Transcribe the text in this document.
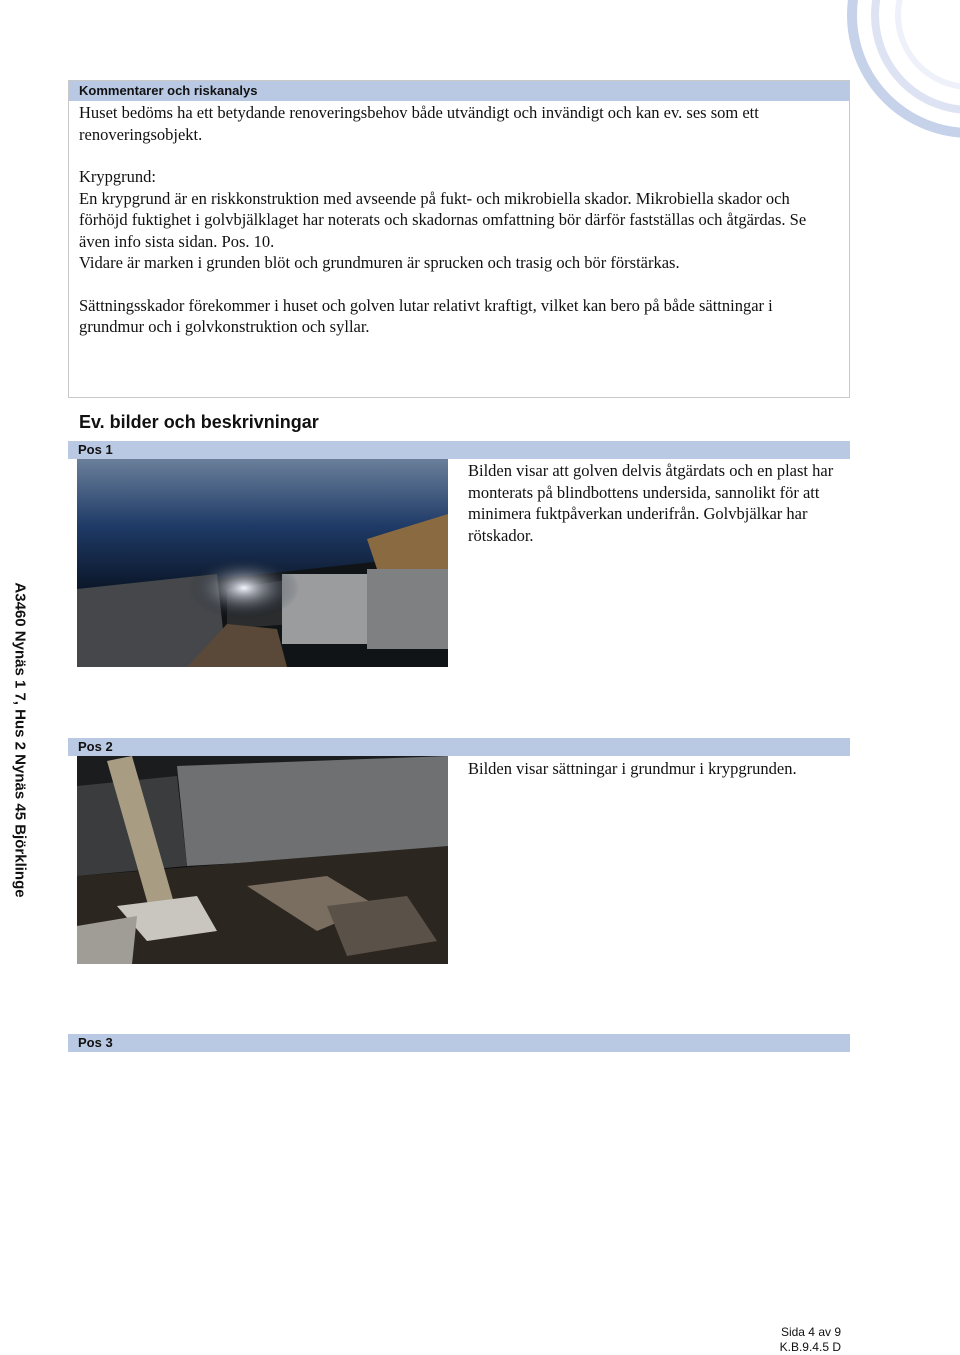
A3460 Nynäs 1 7, Hus 2 Nynäs 45 Björklinge
Kommentarer och riskanalys

Huset bedöms ha ett betydande renoveringsbehov både utvändigt och invändigt och kan ev. ses som ett renoveringsobjekt.

Krypgrund:

En krypgrund är en riskkonstruktion med avseende på fukt- och mikrobiella skador. Mikrobiella skador och förhöjd fuktighet i golvbjälklaget har noterats och skadornas omfattning bör därför fastställas och åtgärdas. Se även info sista sidan. Pos. 10.

Vidare är marken i grunden blöt och grundmuren är sprucken och trasig och bör förstärkas.

Sättningsskador förekommer i huset och golven lutar relativt kraftigt, vilket kan bero på både sättningar i grundmur och i golvkonstruktion och syllar.

Ev. bilder och beskrivningar
Pos 1
Bilden visar att golven delvis åtgärdats och en plast har monterats på blindbottens undersida, sannolikt för att minimera fuktpåverkan underifrån. Golvbjälkar har rötskador.
Pos 2
Bilden visar sättningar i grundmur i krypgrunden.
Pos 3
Sida 4 av 9
K.B.9.4.5 D
